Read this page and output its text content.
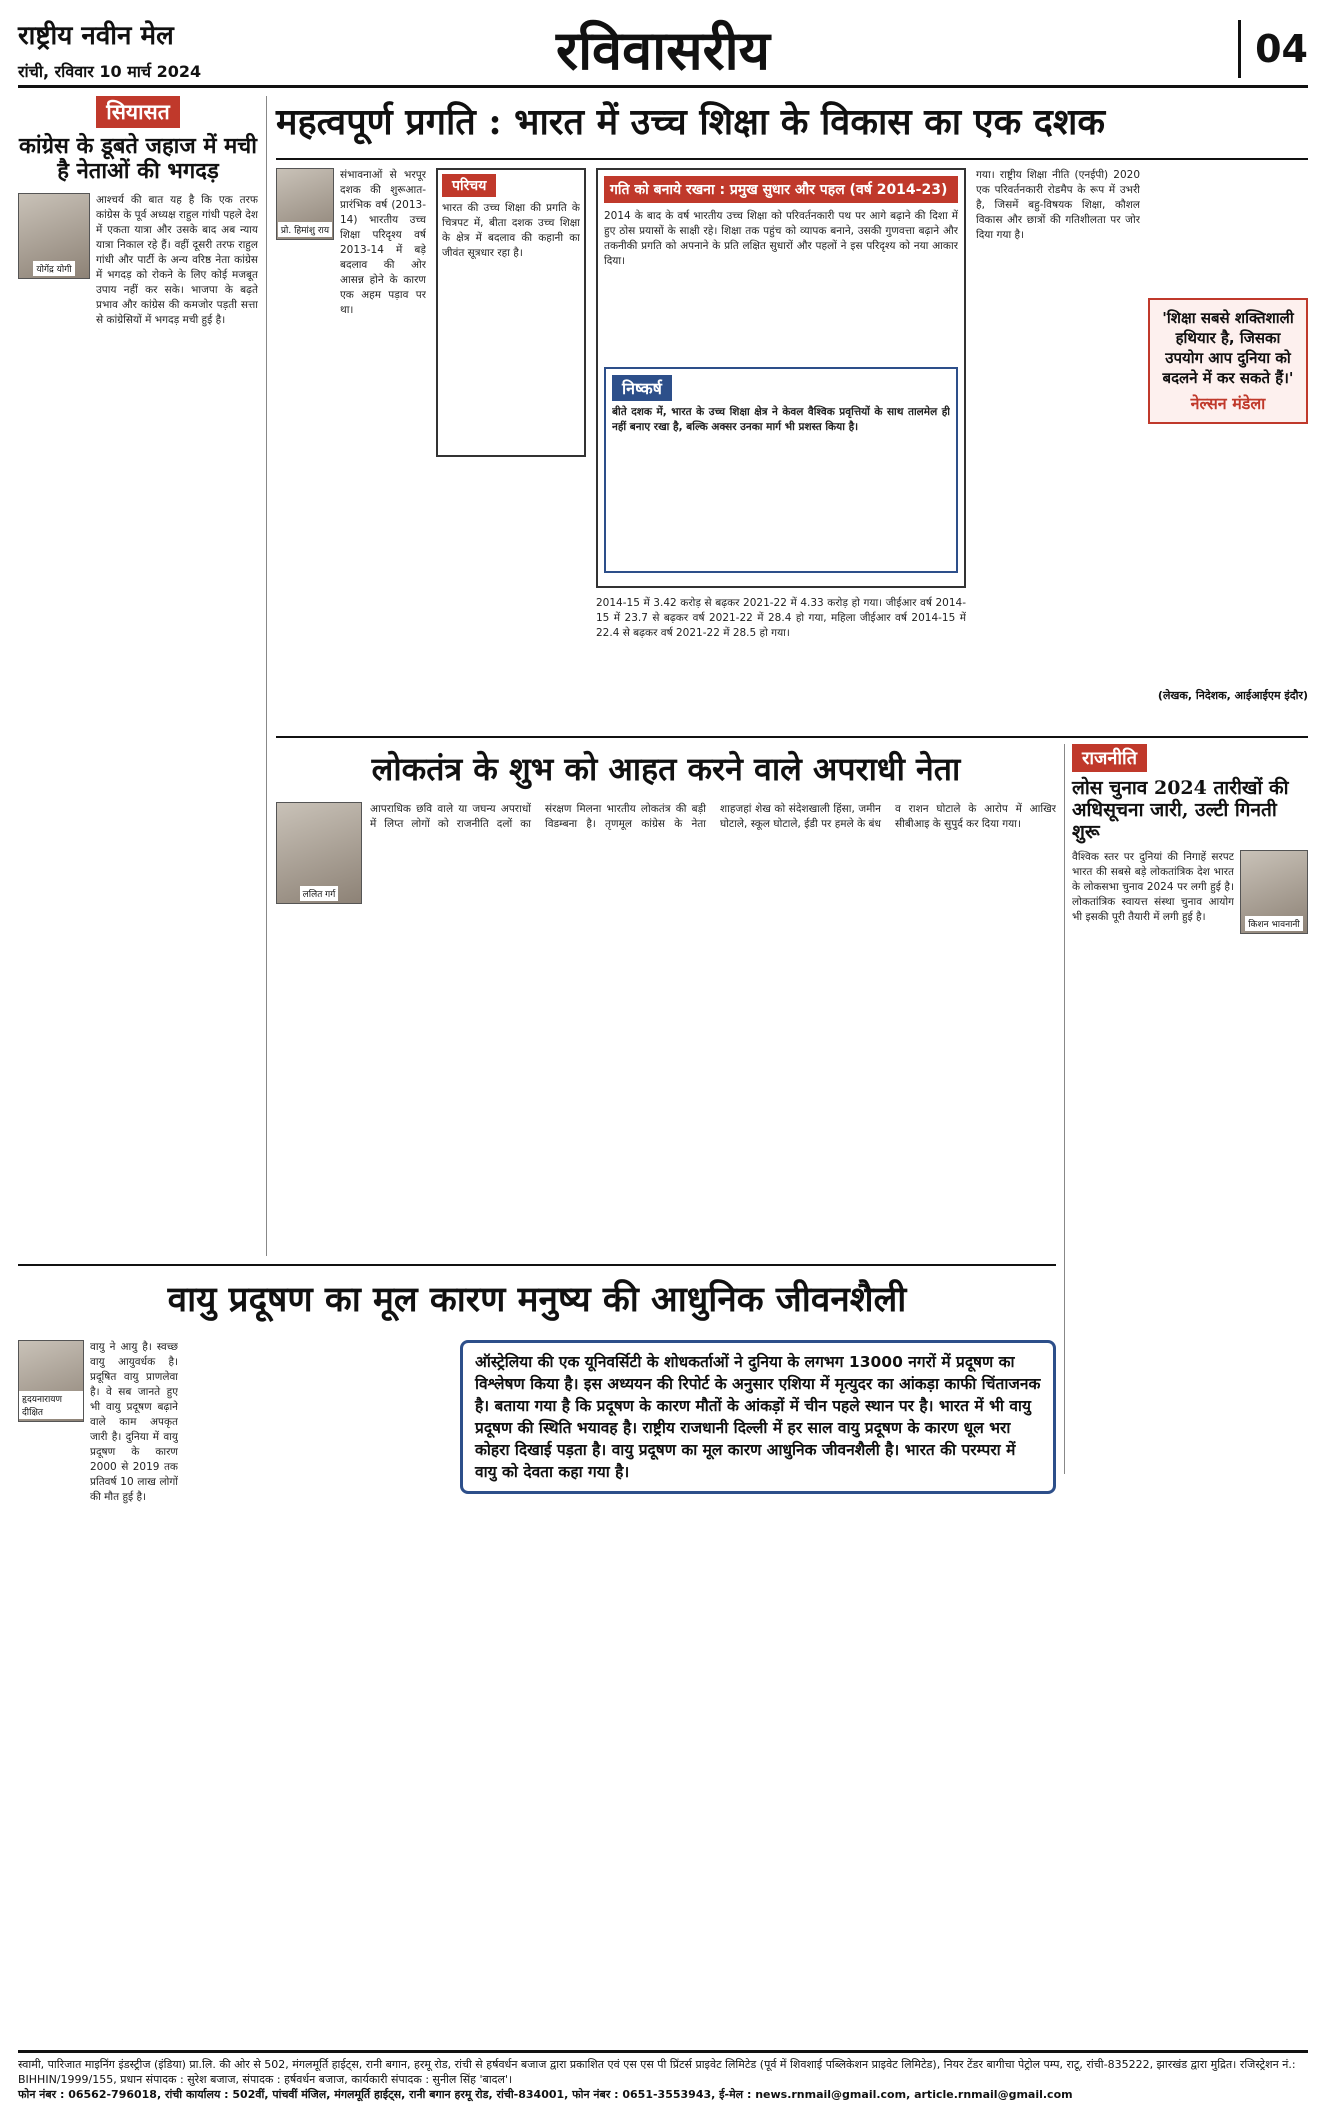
राष्ट्रीय नवीन मेल
रांची, रविवार 10 मार्च 2024	रविवासरीय	04
सियासत
कांग्रेस के डूबते जहाज में मची है नेताओं की भगदड़
योगेंद्र योगी
आश्चर्य की बात यह है कि एक तरफ कांग्रेस के पूर्व अध्यक्ष राहुल गांधी पहले देश में एकता यात्रा और उसके बाद अब न्याय यात्रा निकाल रहे हैं। वहीं दूसरी तरफ राहुल गांधी और पार्टी के अन्य वरिष्ठ नेता कांग्रेस में भगदड़ को रोकने के लिए कोई मजबूत उपाय नहीं कर सके। भाजपा के बढ़ते प्रभाव और कांग्रेस की कमजोर पड़ती सत्ता से कांग्रेसियों में भगदड़ मची हुई है।
महत्वपूर्ण प्रगति : भारत में उच्च शिक्षा के विकास का एक दशक
प्रो. हिमांशु राय
संभावनाओं से भरपूर दशक की शुरूआत- प्रारंभिक वर्ष (2013-14) भारतीय उच्च शिक्षा परिदृश्य वर्ष 2013-14 में बड़े बदलाव की ओर आसन्न होने के कारण एक अहम पड़ाव पर था।
परिचय
भारत की उच्च शिक्षा की प्रगति के चित्रपट में, बीता दशक उच्च शिक्षा के क्षेत्र में बदलाव की कहानी का जीवंत सूत्रधार रहा है।
गति को बनाये रखना : प्रमुख सुधार और पहल (वर्ष 2014-23)
2014 के बाद के वर्ष भारतीय उच्च शिक्षा को परिवर्तनकारी पथ पर आगे बढ़ाने की दिशा में हुए ठोस प्रयासों के साक्षी रहे। शिक्षा तक पहुंच को व्यापक बनाने, उसकी गुणवत्ता बढ़ाने और तकनीकी प्रगति को अपनाने के प्रति लक्षित सुधारों और पहलों ने इस परिदृश्य को नया आकार दिया।
निष्कर्ष
बीते दशक में, भारत के उच्च शिक्षा क्षेत्र ने केवल वैश्विक प्रवृत्तियों के साथ तालमेल ही नहीं बनाए रखा है, बल्कि अक्सर उनका मार्ग भी प्रशस्त किया है।
2014-15 में 3.42 करोड़ से बढ़कर 2021-22 में 4.33 करोड़ हो गया। जीईआर वर्ष 2014-15 में 23.7 से बढ़कर वर्ष 2021-22 में 28.4 हो गया, महिला जीईआर वर्ष 2014-15 में 22.4 से बढ़कर वर्ष 2021-22 में 28.5 हो गया।
'शिक्षा सबसे शक्तिशाली हथियार है, जिसका उपयोग आप दुनिया को बदलने में कर सकते हैं।'
नेल्सन मंडेला
गया। राष्ट्रीय शिक्षा नीति (एनईपी) 2020 एक परिवर्तनकारी रोडमैप के रूप में उभरी है, जिसमें बहु-विषयक शिक्षा, कौशल विकास और छात्रों की गतिशीलता पर जोर दिया गया है।
(लेखक, निदेशक, आईआईएम इंदौर)
लोकतंत्र के शुभ को आहत करने वाले अपराधी नेता
ललित गर्ग
आपराधिक छवि वाले या जघन्य अपराधों में लिप्त लोगों को राजनीति दलों का संरक्षण मिलना भारतीय लोकतंत्र की बड़ी विडम्बना है। तृणमूल कांग्रेस के नेता शाहजहां शेख को संदेशखाली हिंसा, जमीन घोटाले, स्कूल घोटाले, ईडी पर हमले के बंध व राशन घोटाले के आरोप में आखिर सीबीआइ के सुपुर्द कर दिया गया।
राजनीति
लोस चुनाव 2024 तारीखों की अधिसूचना जारी, उल्टी गिनती शुरू
किशन भावनानी
वैश्विक स्तर पर दुनियां की निगाहें सरपट भारत की सबसे बड़े लोकतांत्रिक देश भारत के लोकसभा चुनाव 2024 पर लगी हुई है। लोकतांत्रिक स्वायत्त संस्था चुनाव आयोग भी इसकी पूरी तैयारी में लगी हुई है।
वायु प्रदूषण का मूल कारण मनुष्य की आधुनिक जीवनशैली
हृदयनारायण दीक्षित
वायु ने आयु है। स्वच्छ वायु आयुवर्धक है। प्रदूषित वायु प्राणलेवा है। वे सब जानते हुए भी वायु प्रदूषण बढ़ाने वाले काम अपकृत जारी है। दुनिया में वायु प्रदूषण के कारण 2000 से 2019 तक प्रतिवर्ष 10 लाख लोगों की मौत हुई है।
ऑस्ट्रेलिया की एक यूनिवर्सिटी के शोधकर्ताओं ने दुनिया के लगभग 13000 नगरों में प्रदूषण का विश्लेषण किया है। इस अध्ययन की रिपोर्ट के अनुसार एशिया में मृत्युदर का आंकड़ा काफी चिंताजनक है। बताया गया है कि प्रदूषण के कारण मौतों के आंकड़ों में चीन पहले स्थान पर है। भारत में भी वायु प्रदूषण की स्थिति भयावह है। राष्ट्रीय राजधानी दिल्ली में हर साल वायु प्रदूषण के कारण धूल भरा कोहरा दिखाई पड़ता है। वायु प्रदूषण का मूल कारण आधुनिक जीवनशैली है। भारत की परम्परा में वायु को देवता कहा गया है।
स्वामी, पारिजात माइनिंग इंडस्ट्रीज (इंडिया) प्रा.लि. की ओर से 502, मंगलमूर्ति हाईट्स, रानी बगान, हरमू रोड, रांची से हर्षवर्धन बजाज द्वारा प्रकाशित एवं एस एस पी प्रिंटर्स प्राइवेट लिमिटेड (पूर्व में शिवशाई पब्लिकेशन प्राइवेट लिमिटेड), नियर टेंडर बागीचा पेट्रोल पम्प, राटू, रांची-835222, झारखंड द्वारा मुद्रित। रजिस्ट्रेशन नं.: BIHHIN/1999/155, प्रधान संपादक : सुरेश बजाज, संपादक : हर्षवर्धन बजाज, कार्यकारी संपादक : सुनील सिंह 'बादल'।
फोन नंबर : 06562-796018, रांची कार्यालय : 502वीं, पांचवीं मंजिल, मंगलमूर्ति हाईट्स, रानी बगान हरमू रोड, रांची-834001, फोन नंबर : 0651-3553943, ई-मेल : news.rnmail@gmail.com, article.rnmail@gmail.com
